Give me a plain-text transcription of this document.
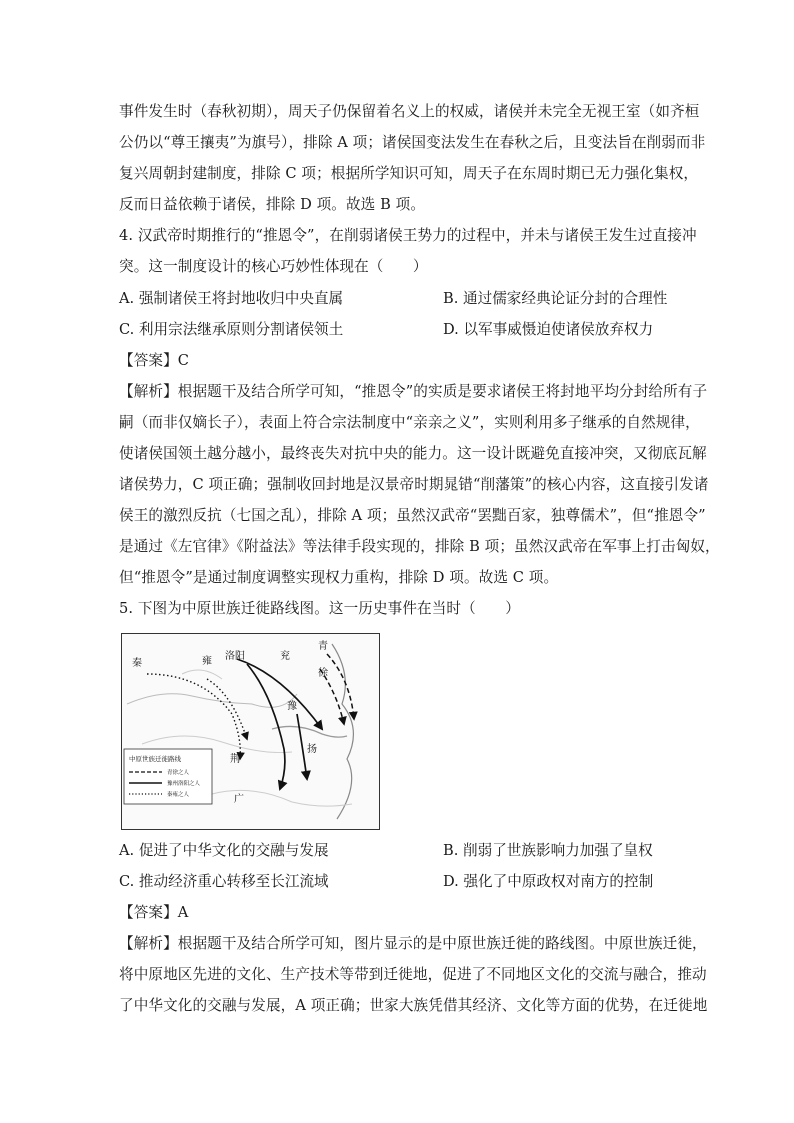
事件发生时（春秋初期），周天子仍保留着名义上的权威，诸侯并未完全无视王室（如齐桓
公仍以“尊王攘夷”为旗号），排除 A 项；诸侯国变法发生在春秋之后，且变法旨在削弱而非
复兴周朝封建制度，排除 C 项；根据所学知识可知，周天子在东周时期已无力强化集权，
反而日益依赖于诸侯，排除 D 项。故选 B 项。
4. 汉武帝时期推行的“推恩令”，在削弱诸侯王势力的过程中，并未与诸侯王发生过直接冲
突。这一制度设计的核心巧妙性体现在（　　）
A. 强制诸侯王将封地收归中央直属	B. 通过儒家经典论证分封的合理性
C. 利用宗法继承原则分割诸侯领土	D. 以军事威慑迫使诸侯放弃权力
【答案】C
【解析】根据题干及结合所学可知，“推恩令”的实质是要求诸侯王将封地平均分封给所有子
嗣（而非仅嫡长子），表面上符合宗法制度中“亲亲之义”，实则利用多子继承的自然规律，
使诸侯国领土越分越小，最终丧失对抗中央的能力。这一设计既避免直接冲突，又彻底瓦解
诸侯势力，C 项正确；强制收回封地是汉景帝时期晁错“削藩策”的核心内容，这直接引发诸
侯王的激烈反抗（七国之乱），排除 A 项；虽然汉武帝“罢黜百家，独尊儒术”，但“推恩令”
是通过《左官律》《附益法》等法律手段实现的，排除 B 项；虽然汉武帝在军事上打击匈奴，
但“推恩令”是通过制度调整实现权力重构，排除 D 项。故选 C 项。
5. 下图为中原世族迁徙路线图。这一历史事件在当时（　　）
秦	雍 洛阳	兖
青
徐
豫
扬
荆
广
中原世族迁徙路线
青徐之人
豫州洛阳之人
秦雍之人
A. 促进了中华文化的交融与发展	B. 削弱了世族影响力加强了皇权
C. 推动经济重心转移至长江流域	D. 强化了中原政权对南方的控制
【答案】A
【解析】根据题干及结合所学可知，图片显示的是中原世族迁徙的路线图。中原世族迁徙，
将中原地区先进的文化、生产技术等带到迁徙地，促进了不同地区文化的交流与融合，推动
了中华文化的交融与发展，A 项正确；世家大族凭借其经济、文化等方面的优势，在迁徙地
